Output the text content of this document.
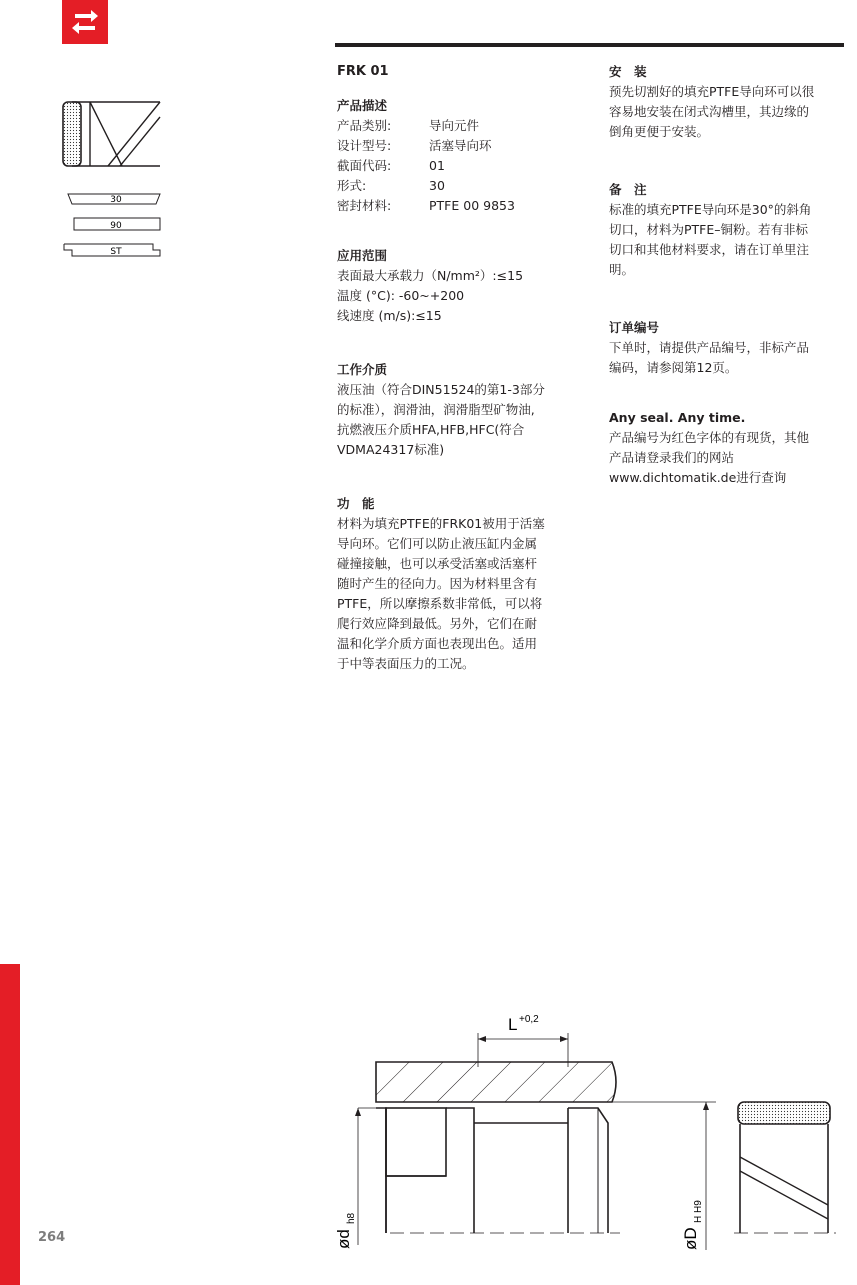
30
90
ST
264
FRK 01
产品描述
产品类别:	导向元件
设计型号:	活塞导向环
截面代码:	01
形式:	30
密封材料:	PTFE 00 9853
应用范围
表面最大承载力（N/mm²）:≤15
温度 (°C): -60~+200
线速度 (m/s):≤15
工作介质
液压油（符合DIN51524的第1-3部分
的标准），润滑油，润滑脂型矿物油,
抗燃液压介质HFA,HFB,HFC(符合
VDMA24317标准)
功　能
材料为填充PTFE的FRK01被用于活塞
导向环。它们可以防止液压缸内金属
碰撞接触，也可以承受活塞或活塞杆
随时产生的径向力。因为材料里含有
PTFE，所以摩擦系数非常低，可以将
爬行效应降到最低。另外，它们在耐
温和化学介质方面也表现出色。适用
于中等表面压力的工况。
安　装
预先切割好的填充PTFE导向环可以很
容易地安装在闭式沟槽里，其边缘的
倒角更便于安装。
备　注
标准的填充PTFE导向环是30°的斜角
切口，材料为PTFE–铜粉。若有非标
切口和其他材料要求，请在订单里注
明。
订单编号
下单时，请提供产品编号，非标产品
编码，请参阅第12页。
Any seal. Any time.
产品编号为红色字体的有现货，其他
产品请登录我们的网站
www.dichtomatik.de进行查询
L +0,2
ød
h8
øD
H H9
